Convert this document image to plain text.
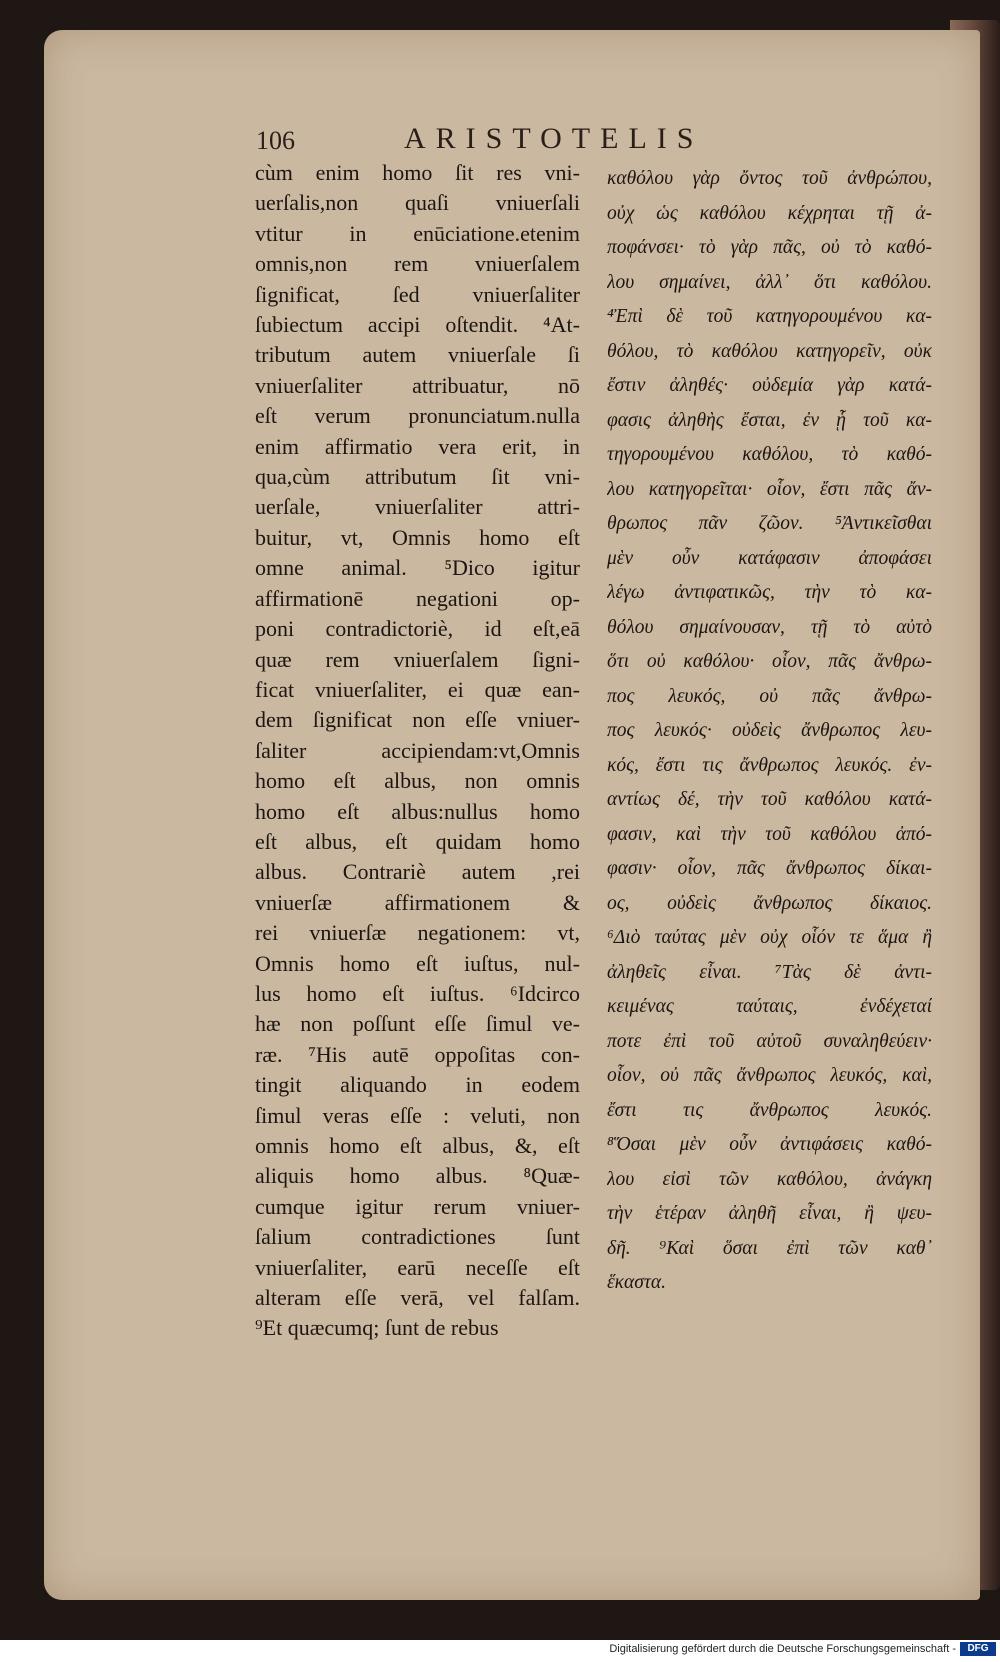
106	ARISTOTELIS
cùm enim homo ſit res vni-
uerſalis,non quaſi vniuerſali
vtitur in enūciatione.etenim
omnis,non rem vniuerſalem
ſignificat, ſed vniuerſaliter
ſubiectum accipi oſtendit. ⁴At-
tributum autem vniuerſale ſi
vniuerſaliter attribuatur, nō
eſt verum pronunciatum.nulla
enim affirmatio vera erit, in
qua,cùm attributum ſit vni-
uerſale, vniuerſaliter attri-
buitur, vt, Omnis homo eſt
omne animal. ⁵Dico igitur
affirmationē negationi op-
poni contradictoriè, id eſt,eā
quæ rem vniuerſalem ſigni-
ficat vniuerſaliter, ei quæ ean-
dem ſignificat non eſſe vniuer-
ſaliter accipiendam:vt,Omnis
homo eſt albus, non omnis
homo eſt albus:nullus homo
eſt albus, eſt quidam homo
albus. Contrariè autem ,rei
vniuerſæ affirmationem &
rei vniuerſæ negationem: vt,
Omnis homo eſt iuſtus, nul-
lus homo eſt iuſtus. ⁶Idcirco
hæ non poſſunt eſſe ſimul ve-
ræ. ⁷His autē oppoſitas con-
tingit aliquando in eodem
ſimul veras eſſe : veluti, non
omnis homo eſt albus, &, eſt
aliquis homo albus. ⁸Quæ-
cumque igitur rerum vniuer-
ſalium contradictiones ſunt
vniuerſaliter, earū neceſſe eſt
alteram eſſe verā, vel falſam.
⁹Et quæcumq; ſunt de rebus
καθόλου γὰρ ὄντος τοῦ ἀνθρώπου,
οὐχ ὡς καθόλου κέχρηται τῇ ἀ-
ποφάνσει· τὸ γὰρ πᾶς, οὐ τὸ καθό-
λου σημαίνει, ἀλλ᾽ ὅτι καθόλου.
⁴Ἐπὶ δὲ τοῦ κατηγορουμένου κα-
θόλου, τὸ καθόλου κατηγορεῖν, οὐκ
ἔστιν ἀληθές· οὐδεμία γὰρ κατά-
φασις ἀληθὴς ἔσται, ἐν ᾗ τοῦ κα-
τηγορουμένου καθόλου, τὸ καθό-
λου κατηγορεῖται· οἷον, ἔστι πᾶς ἄν-
θρωπος πᾶν ζῶον. ⁵Ἀντικεῖσθαι
μὲν οὖν κατάφασιν ἀποφάσει
λέγω ἀντιφατικῶς, τὴν τὸ κα-
θόλου σημαίνουσαν, τῇ τὸ αὐτὸ
ὅτι οὐ καθόλου· οἷον, πᾶς ἄνθρω-
πος λευκός, οὐ πᾶς ἄνθρω-
πος λευκός· οὐδεὶς ἄνθρωπος λευ-
κός, ἔστι τις ἄνθρωπος λευκός. ἐν-
αντίως δέ, τὴν τοῦ καθόλου κατά-
φασιν, καὶ τὴν τοῦ καθόλου ἀπό-
φασιν· οἷον, πᾶς ἄνθρωπος δίκαι-
ος, οὐδεὶς ἄνθρωπος δίκαιος.
⁶Διὸ ταύτας μὲν οὐχ οἷόν τε ἅμα ἢ
ἀληθεῖς εἶναι. ⁷Τὰς δὲ ἀντι-
κειμένας ταύταις, ἐνδέχεταί
ποτε ἐπὶ τοῦ αὐτοῦ συναληθεύειν·
οἷον, οὐ πᾶς ἄνθρωπος λευκός, καὶ,
ἔστι τις ἄνθρωπος λευκός.
⁸Ὅσαι μὲν οὖν ἀντιφάσεις καθό-
λου εἰσὶ τῶν καθόλου, ἀνάγκη
τὴν ἑτέραν ἀληθῆ εἶναι, ἢ ψευ-
δῆ. ⁹Καὶ ὅσαι ἐπὶ τῶν καθ᾽
ἕκαστα.
Digitalisierung gefördert durch die Deutsche Forschungsgemeinschaft -	DFG
